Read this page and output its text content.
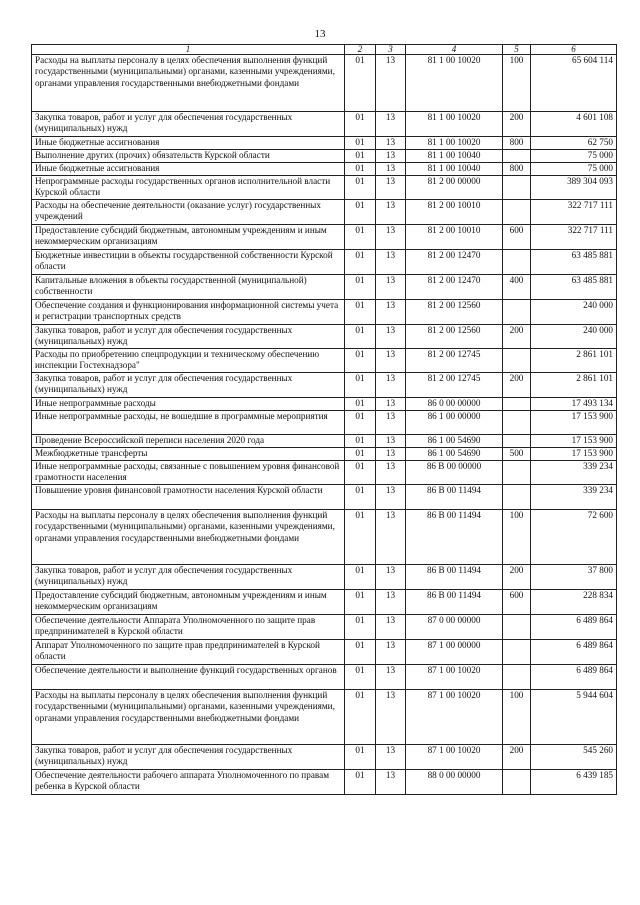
13
1	2	3	4	5	6
Расходы на выплаты персоналу в целях обеспечения выполнения функций государственными (муниципальными) органами, казенными учреждениями, органами управления государственными внебюджетными фондами	01	13	81 1 00 10020	100	65 604 114
Закупка товаров, работ и услуг для обеспечения государственных (муниципальных) нужд	01	13	81 1 00 10020	200	4 601 108
Иные бюджетные ассигнования	01	13	81 1 00 10020	800	62 750
Выполнение других (прочих) обязательств Курской области	01	13	81 1 00 10040		75 000
Иные бюджетные ассигнования	01	13	81 1 00 10040	800	75 000
Непрограммные расходы государственных органов исполнительной власти Курской области	01	13	81 2 00 00000		389 304 093
Расходы на обеспечение деятельности (оказание услуг) государственных учреждений	01	13	81 2 00 10010		322 717 111
Предоставление субсидий бюджетным, автономным учреждениям и иным некоммерческим организациям	01	13	81 2 00 10010	600	322 717 111
Бюджетные инвестиции в объекты государственной собственности Курской области	01	13	81 2 00 12470		63 485 881
Капитальные вложения в объекты государственной (муниципальной) собственности	01	13	81 2 00 12470	400	63 485 881
Обеспечение создания и функционирования информационной системы учета и регистрации транспортных средств	01	13	81 2 00 12560		240 000
Закупка товаров, работ и услуг для обеспечения государственных (муниципальных) нужд	01	13	81 2 00 12560	200	240 000
Расходы по приобретению спецпродукции и техническому обеспечению инспекции Гостехнадзора"	01	13	81 2 00 12745		2 861 101
Закупка товаров, работ и услуг для обеспечения государственных (муниципальных) нужд	01	13	81 2 00 12745	200	2 861 101
Иные непрограммные расходы	01	13	86 0 00 00000		17 493 134
Иные непрограммные расходы, не вошедшие в программные мероприятия	01	13	86 1 00 00000		17 153 900
Проведение Всероссийской переписи населения 2020 года	01	13	86 1 00 54690		17 153 900
Межбюджетные трансферты	01	13	86 1 00 54690	500	17 153 900
Иные непрограммные расходы, связанные с повышением уровня финансовой грамотности населения	01	13	86 В 00 00000		339 234
Повышение уровня финансовой грамотности населения Курской области	01	13	86 В 00 11494		339 234
Расходы на выплаты персоналу в целях обеспечения выполнения функций государственными (муниципальными) органами, казенными учреждениями, органами управления государственными внебюджетными фондами	01	13	86 В 00 11494	100	72 600
Закупка товаров, работ и услуг для обеспечения государственных (муниципальных) нужд	01	13	86 В 00 11494	200	37 800
Предоставление субсидий бюджетным, автономным учреждениям и иным некоммерческим организациям	01	13	86 В 00 11494	600	228 834
Обеспечение деятельности Аппарата Уполномоченного по защите прав предпринимателей в Курской области	01	13	87 0 00 00000		6 489 864
Аппарат Уполномоченного по защите прав предпринимателей в Курской области	01	13	87 1 00 00000		6 489 864
Обеспечение деятельности и выполнение функций государственных органов	01	13	87 1 00 10020		6 489 864
Расходы на выплаты персоналу в целях обеспечения выполнения функций государственными (муниципальными) органами, казенными учреждениями, органами управления государственными внебюджетными фондами	01	13	87 1 00 10020	100	5 944 604
Закупка товаров, работ и услуг для обеспечения государственных (муниципальных) нужд	01	13	87 1 00 10020	200	545 260
Обеспечение деятельности рабочего аппарата Уполномоченного по правам ребенка в Курской области	01	13	88 0 00 00000		6 439 185
